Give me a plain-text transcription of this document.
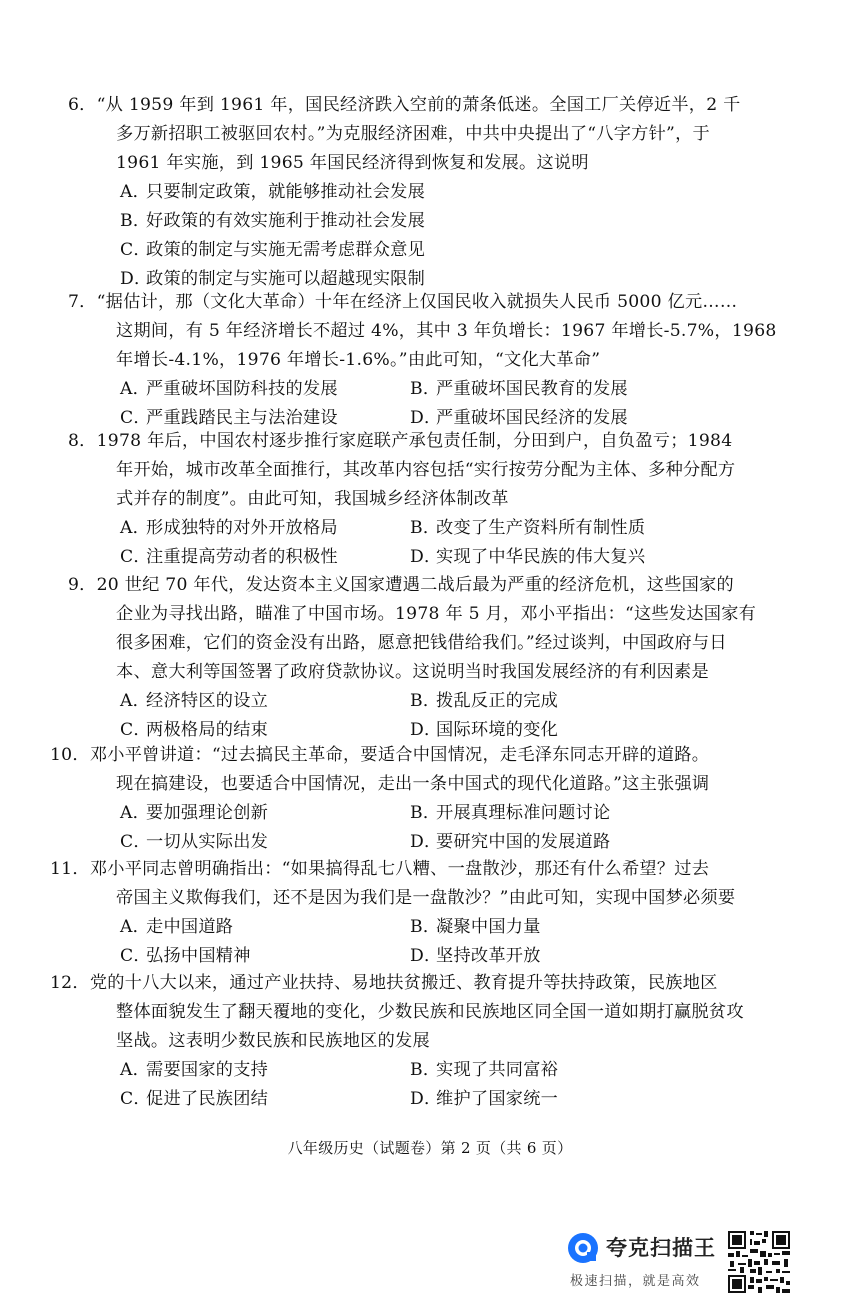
6．“从 1959 年到 1961 年，国民经济跌入空前的萧条低迷。全国工厂关停近半，2 千
多万新招职工被驱回农村。”为克服经济困难，中共中央提出了“八字方针”，于
1961 年实施，到 1965 年国民经济得到恢复和发展。这说明

A．只要制定政策，就能够推动社会发展
B．好政策的有效实施利于推动社会发展
C．政策的制定与实施无需考虑群众意见
D．政策的制定与实施可以超越现实限制

7．“据估计，那（文化大革命）十年在经济上仅国民收入就损失人民币 5000 亿元……
这期间，有 5 年经济增长不超过 4%，其中 3 年负增长：1967 年增长-5.7%，1968
年增长-4.1%，1976 年增长-1.6%。”由此可知，“文化大革命”

A．严重破坏国防科技的发展	B．严重破坏国民教育的发展
C．严重践踏民主与法治建设	D．严重破坏国民经济的发展

8．1978 年后，中国农村逐步推行家庭联产承包责任制，分田到户，自负盈亏；1984
年开始，城市改革全面推行，其改革内容包括“实行按劳分配为主体、多种分配方
式并存的制度”。由此可知，我国城乡经济体制改革

A．形成独特的对外开放格局	B．改变了生产资料所有制性质
C．注重提高劳动者的积极性	D．实现了中华民族的伟大复兴

9．20 世纪 70 年代，发达资本主义国家遭遇二战后最为严重的经济危机，这些国家的
企业为寻找出路，瞄准了中国市场。1978 年 5 月，邓小平指出：“这些发达国家有
很多困难，它们的资金没有出路，愿意把钱借给我们。”经过谈判，中国政府与日
本、意大利等国签署了政府贷款协议。这说明当时我国发展经济的有利因素是

A．经济特区的设立	B．拨乱反正的完成
C．两极格局的结束	D．国际环境的变化

10．邓小平曾讲道：“过去搞民主革命，要适合中国情况，走毛泽东同志开辟的道路。
现在搞建设，也要适合中国情况，走出一条中国式的现代化道路。”这主张强调

A．要加强理论创新	B．开展真理标准问题讨论
C．一切从实际出发	D．要研究中国的发展道路

11．邓小平同志曾明确指出：“如果搞得乱七八糟、一盘散沙，那还有什么希望？过去
帝国主义欺侮我们，还不是因为我们是一盘散沙？”由此可知，实现中国梦必须要

A．走中国道路	B．凝聚中国力量
C．弘扬中国精神	D．坚持改革开放

12．党的十八大以来，通过产业扶持、易地扶贫搬迁、教育提升等扶持政策，民族地区
整体面貌发生了翻天覆地的变化，少数民族和民族地区同全国一道如期打赢脱贫攻
坚战。这表明少数民族和民族地区的发展

A．需要国家的支持	B．实现了共同富裕
C．促进了民族团结	D．维护了国家统一
八年级历史（试题卷）第 2 页（共 6 页）
夸克扫描王
极速扫描，就是高效
